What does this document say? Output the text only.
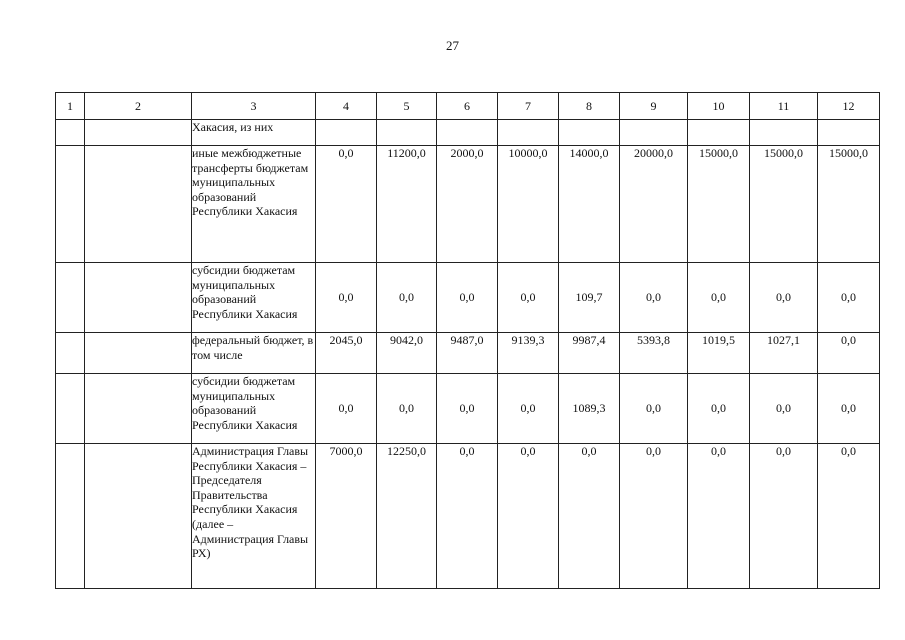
27
1	2	3	4	5	6	7	8	9	10	11	12
		Хакасия, из них									
		иные межбюджетные трансферты бюджетам муниципальных образований Республики Хакасия	0,0	11200,0	2000,0	10000,0	14000,0	20000,0	15000,0	15000,0	15000,0
		субсидии бюджетам муниципальных образований Республики Хакасия	0,0	0,0	0,0	0,0	109,7	0,0	0,0	0,0	0,0
		федеральный бюджет, в том числе	2045,0	9042,0	9487,0	9139,3	9987,4	5393,8	1019,5	1027,1	0,0
		субсидии бюджетам муниципальных образований Республики Хакасия	0,0	0,0	0,0	0,0	1089,3	0,0	0,0	0,0	0,0
		Администрация Главы Республики Хакасия – Председателя Правительства Республики Хакасия (далее – Администрация Главы РХ)	7000,0	12250,0	0,0	0,0	0,0	0,0	0,0	0,0	0,0
